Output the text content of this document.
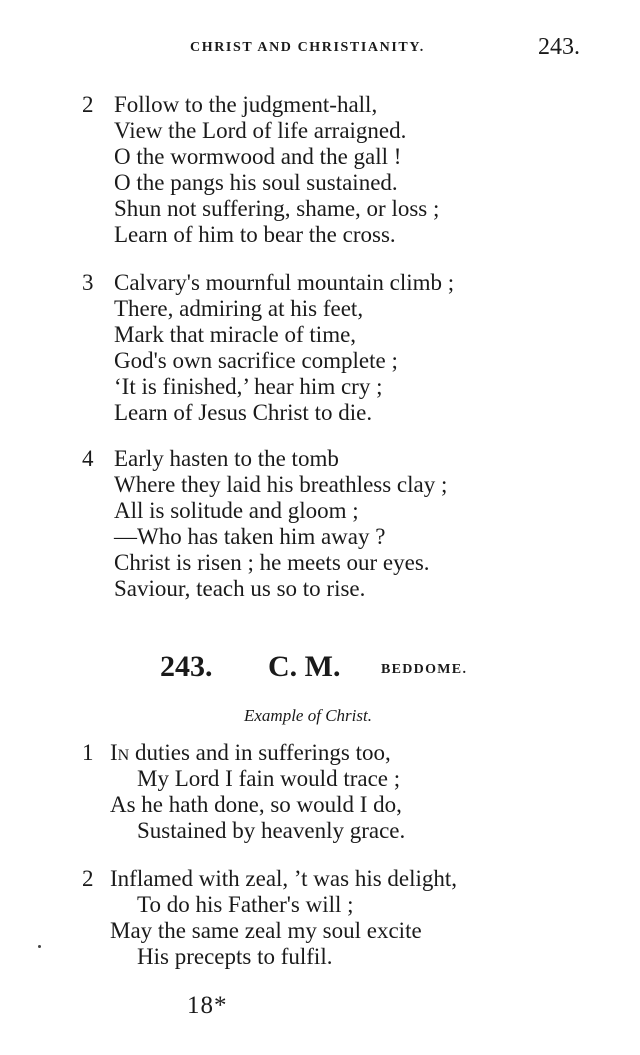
CHRIST AND CHRISTIANITY.	243.
2 Follow to the judgment-hall,
View the Lord of life arraigned.
O the wormwood and the gall !
O the pangs his soul sustained.
Shun not suffering, shame, or loss ;
Learn of him to bear the cross.
3 Calvary's mournful mountain climb ;
There, admiring at his feet,
Mark that miracle of time,
God's own sacrifice complete ;
‘It is finished,’ hear him cry ;
Learn of Jesus Christ to die.
4 Early hasten to the tomb
Where they laid his breathless clay ;
All is solitude and gloom ;
—Who has taken him away ?
Christ is risen ; he meets our eyes.
Saviour, teach us so to rise.
243. C. M.	BEDDOME.
Example of Christ.
1 In duties and in sufferings too,
My Lord I fain would trace ;
As he hath done, so would I do,
Sustained by heavenly grace.
2 Inflamed with zeal, ’t was his delight,
To do his Father's will ;
May the same zeal my soul excite
His precepts to fulfil.
18*
